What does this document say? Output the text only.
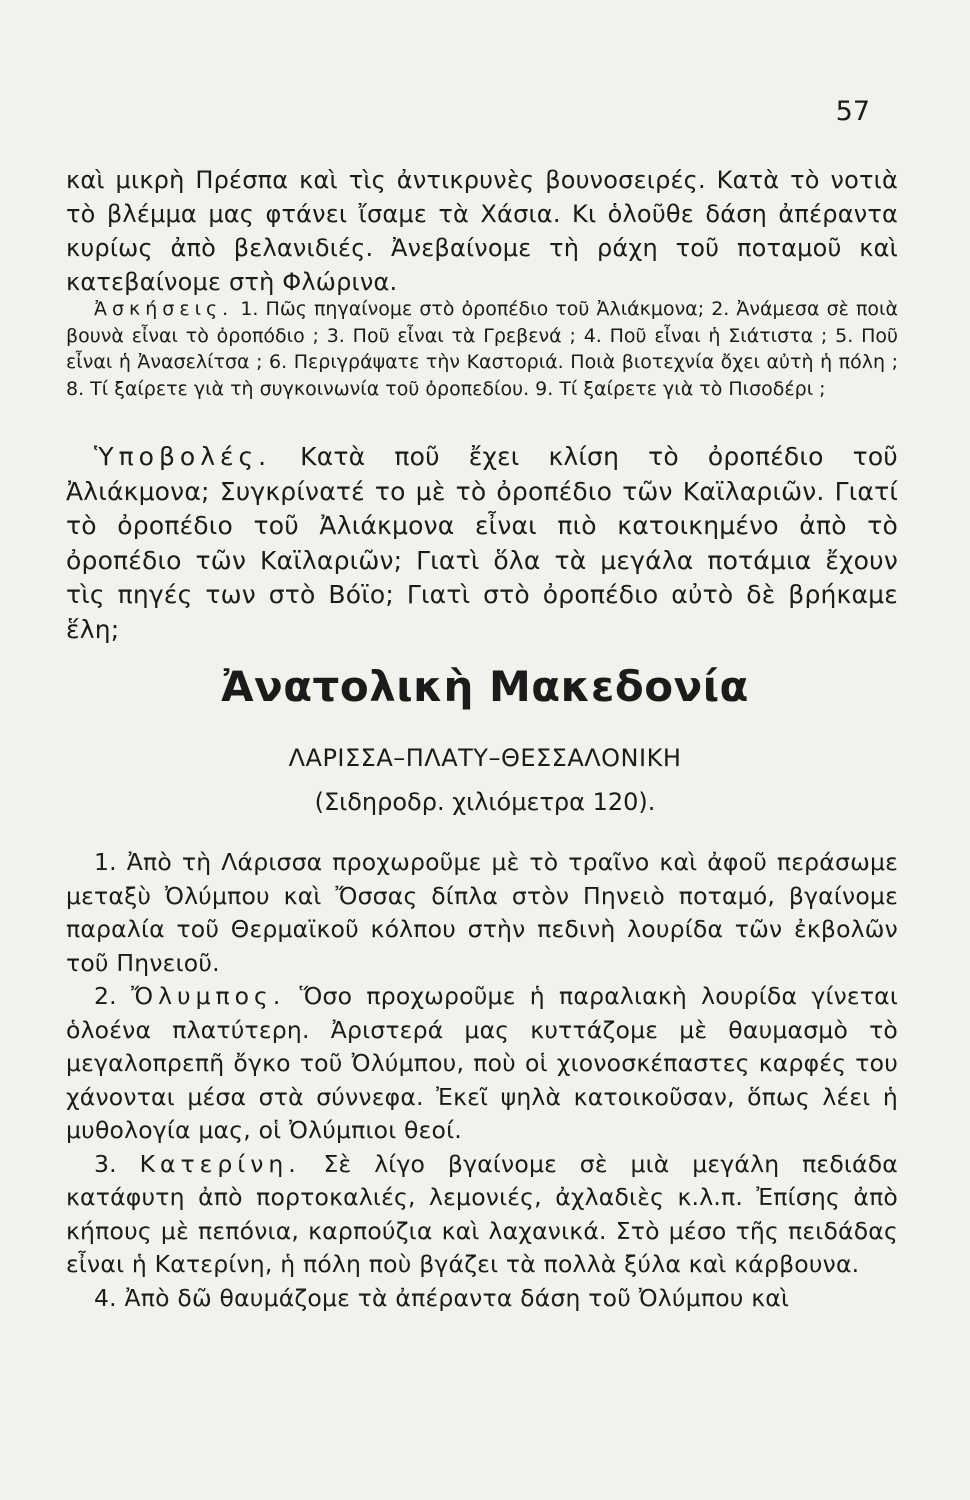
57

καὶ μικρὴ Πρέσπα καὶ τὶς ἀντικρυνὲς βουνοσειρές. Κατὰ τὸ νοτιὰ τὸ βλέμμα μας φτάνει ἴσαμε τὰ Χάσια. Κι ὁλοῦθε δάση ἀπέραντα κυρίως ἀπὸ βελανιδιές. Ἀνεβαίνομε τὴ ράχη τοῦ ποταμοῦ καὶ κατεβαίνομε στὴ Φλώρινα.

Ἀσκήσεις. 1. Πῶς πηγαίνομε στὸ ὀροπέδιο τοῦ Ἀλιάκμονα; 2. Ἀνάμεσα σὲ ποιὰ βουνὰ εἶναι τὸ ὀροπόδιο ; 3. Ποῦ εἶναι τὰ Γρεβενά ; 4. Ποῦ εἶναι ἡ Σιάτιστα ; 5. Ποῦ εἶναι ἡ Ἀνασελίτσα ; 6. Περιγράψατε τὴν Καστοριά. Ποιὰ βιοτεχνία ὄχει αὐτὴ ἡ πόλη ; 8. Τί ξαίρετε γιὰ τὴ συγκοινωνία τοῦ ὀροπεδίου. 9. Τί ξαίρετε γιὰ τὸ Πισοδέρι ;

Ὑποβολές. Κατὰ ποῦ ἔχει κλίση τὸ ὀροπέδιο τοῦ Ἀλιάκμονα; Συγκρίνατέ το μὲ τὸ ὀροπέδιο τῶν Καϊλαριῶν. Γιατί τὸ ὀροπέδιο τοῦ Ἀλιάκμονα εἶναι πιὸ κατοικημένο ἀπὸ τὸ ὀροπέδιο τῶν Καϊλαριῶν; Γιατὶ ὅλα τὰ μεγάλα ποτάμια ἔχουν τὶς πηγές των στὸ Βόϊο; Γιατὶ στὸ ὀροπέδιο αὐτὸ δὲ βρήκαμε ἕλη;

Ἀνατολικὴ Μακεδονία
ΛΑΡΙΣΣΑ–ΠΛΑΤΥ–ΘΕΣΣΑΛΟΝΙΚΗ
(Σιδηροδρ. χιλιόμετρα 120).

1. Ἀπὸ τὴ Λάρισσα προχωροῦμε μὲ τὸ τραῖνο καὶ ἀφοῦ περάσωμε μεταξὺ Ὀλύμπου καὶ Ὄσσας δίπλα στὸν Πηνειὸ ποταμό, βγαίνομε παραλία τοῦ Θερμαϊκοῦ κόλπου στὴν πεδινὴ λουρίδα τῶν ἐκβολῶν τοῦ Πηνειοῦ.

2. Ὄλυμπος. Ὅσο προχωροῦμε ἡ παραλιακὴ λουρίδα γίνεται ὁλοένα πλατύτερη. Ἀριστερά μας κυττάζομε μὲ θαυμασμὸ τὸ μεγαλοπρεπῆ ὄγκο τοῦ Ὀλύμπου, ποὺ οἱ χιονοσκέπαστες καρφές του χάνονται μέσα στὰ σύννεφα. Ἐκεῖ ψηλὰ κατοικοῦσαν, ὅπως λέει ἡ μυθολογία μας, οἱ Ὀλύμπιοι θεοί.

3. Κατερίνη. Σὲ λίγο βγαίνομε σὲ μιὰ μεγάλη πεδιάδα κατάφυτη ἀπὸ πορτοκαλιές, λεμονιές, ἀχλαδιὲς κ.λ.π. Ἐπίσης ἀπὸ κήπους μὲ πεπόνια, καρπούζια καὶ λαχανικά. Στὸ μέσο τῆς πειδάδας εἶναι ἡ Κατερίνη, ἡ πόλη ποὺ βγάζει τὰ πολλὰ ξύλα καὶ κάρβουνα.

4. Ἀπὸ δῶ θαυμάζομε τὰ ἀπέραντα δάση τοῦ Ὀλύμπου καὶ
